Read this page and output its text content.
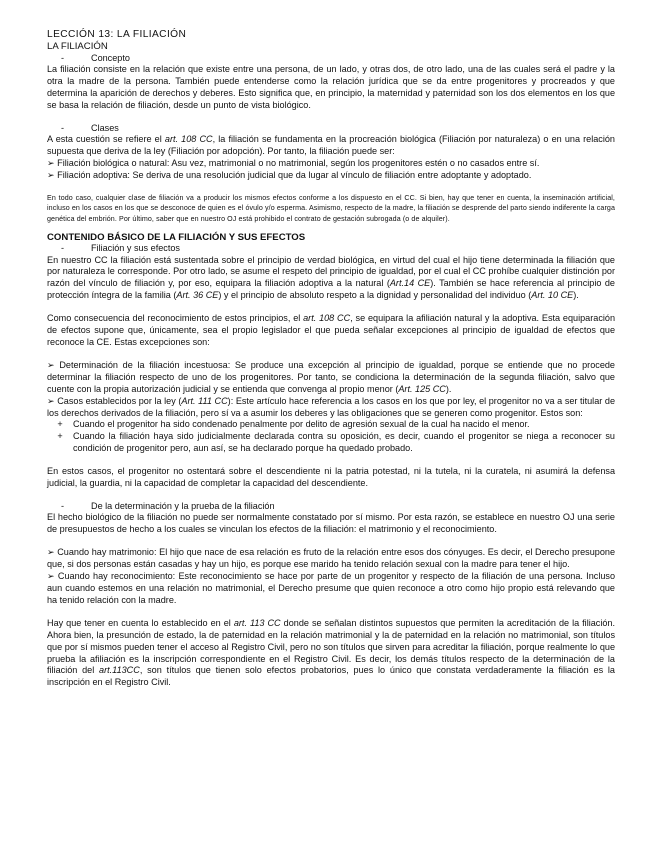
LECCIÓN 13: LA FILIACIÓN
LA FILIACIÓN
-	Concepto

La filiación consiste en la relación que existe entre una persona, de un lado, y otras dos, de otro lado, una de las cuales será el padre y la otra la madre de la persona. También puede entenderse como la relación jurídica que se da entre progenitores y procreados y que determina la aparición de derechos y deberes. Esto significa que, en principio, la maternidad y paternidad son los dos elementos en los que se basa la relación de filiación, desde un punto de vista biológico.

-	Clases

A esta cuestión se refiere el art. 108 CC, la filiación se fundamenta en la procreación biológica (Filiación por naturaleza) o en una relación supuesta que deriva de la ley (Filiación por adopción). Por tanto, la filiación puede ser:

➢ Filiación biológica o natural: Asu vez, matrimonial o no matrimonial, según los progenitores estén o no casados entre sí.

➢ Filiación adoptiva: Se deriva de una resolución judicial que da lugar al vínculo de filiación entre adoptante y adoptado.

En todo caso, cualquier clase de filiación va a producir los mismos efectos conforme a los dispuesto en el CC. Si bien, hay que tener en cuenta, la inseminación artificial, incluso en los casos en los que se desconoce de quien es el óvulo y/o esperma. Asimismo, respecto de la madre, la filiación se desprende del parto siendo indiferente la carga genética del embrión. Por último, saber que en nuestro OJ está prohibido el contrato de gestación subrogada (o de alquiler).

CONTENIDO BÁSICO DE LA FILIACIÓN Y SUS EFECTOS
-	Filiación y sus efectos

En nuestro CC la filiación está sustentada sobre el principio de verdad biológica, en virtud del cual el hijo tiene determinada la filiación que por naturaleza le corresponde. Por otro lado, se asume el respeto del principio de igualdad, por el cual el CC prohíbe cualquier distinción por razón del vínculo de filiación y, por eso, equipara la filiación adoptiva a la natural (Art.14 CE). También se hace referencia al principio de protección íntegra de la familia (Art. 36 CE) y el principio de absoluto respeto a la dignidad y personalidad del individuo (Art. 10 CE).

Como consecuencia del reconocimiento de estos principios, el art. 108 CC, se equipara la afiliación natural y la adoptiva. Esta equiparación de efectos supone que, únicamente, sea el propio legislador el que pueda señalar excepciones al principio de igualdad de efectos que reconoce la CE. Estas excepciones son:

➢ Determinación de la filiación incestuosa: Se produce una excepción al principio de igualdad, porque se entiende que no procede determinar la filiación respecto de uno de los progenitores. Por tanto, se condiciona la determinación de la segunda filiación, salvo que cuente con la propia autorización judicial y se entienda que convenga al propio menor (Art. 125 CC).

➢ Casos establecidos por la ley (Art. 111 CC): Este artículo hace referencia a los casos en los que por ley, el progenitor no va a ser titular de los derechos derivados de la filiación, pero sí va a asumir los deberes y las obligaciones que se generen como progenitor. Estos son:

+	Cuando el progenitor ha sido condenado penalmente por delito de agresión sexual de la cual ha nacido el menor.
+	Cuando la filiación haya sido judicialmente declarada contra su oposición, es decir, cuando el progenitor se niega a reconocer su condición de progenitor pero, aun así, se ha declarado porque ha quedado probado.

En estos casos, el progenitor no ostentará sobre el descendiente ni la patria potestad, ni la tutela, ni la curatela, ni asumirá la defensa judicial, la guardia, ni la capacidad de completar la capacidad del descendiente.

-	De la determinación y la prueba de la filiación

El hecho biológico de la filiación no puede ser normalmente constatado por sí mismo. Por esta razón, se establece en nuestro OJ una serie de presupuestos de hecho a los cuales se vinculan los efectos de la filiación: el matrimonio y el reconocimiento.

➢ Cuando hay matrimonio: El hijo que nace de esa relación es fruto de la relación entre esos dos cónyuges. Es decir, el Derecho presupone que, si dos personas están casadas y hay un hijo, es porque ese marido ha tenido relación sexual con la madre para tener el hijo.

➢ Cuando hay reconocimiento: Este reconocimiento se hace por parte de un progenitor y respecto de la filiación de una persona. Incluso aun cuando estemos en una relación no matrimonial, el Derecho presume que quien reconoce a otro como hijo propio está relevando que ha tenido relación con la madre.

Hay que tener en cuenta lo establecido en el art. 113 CC donde se señalan distintos supuestos que permiten la acreditación de la filiación. Ahora bien, la presunción de estado, la de paternidad en la relación matrimonial y la de paternidad en la relación no matrimonial, son títulos que por sí mismos pueden tener el acceso al Registro Civil, pero no son títulos que sirven para acreditar la filiación, porque realmente lo que prueba la afiliación es la inscripción correspondiente en el Registro Civil. Es decir, los demás títulos respecto de la determinación de la filiación del art.113CC, son títulos que tienen solo efectos probatorios, pues lo único que constata verdaderamente la filiación es la inscripción en el Registro Civil.
